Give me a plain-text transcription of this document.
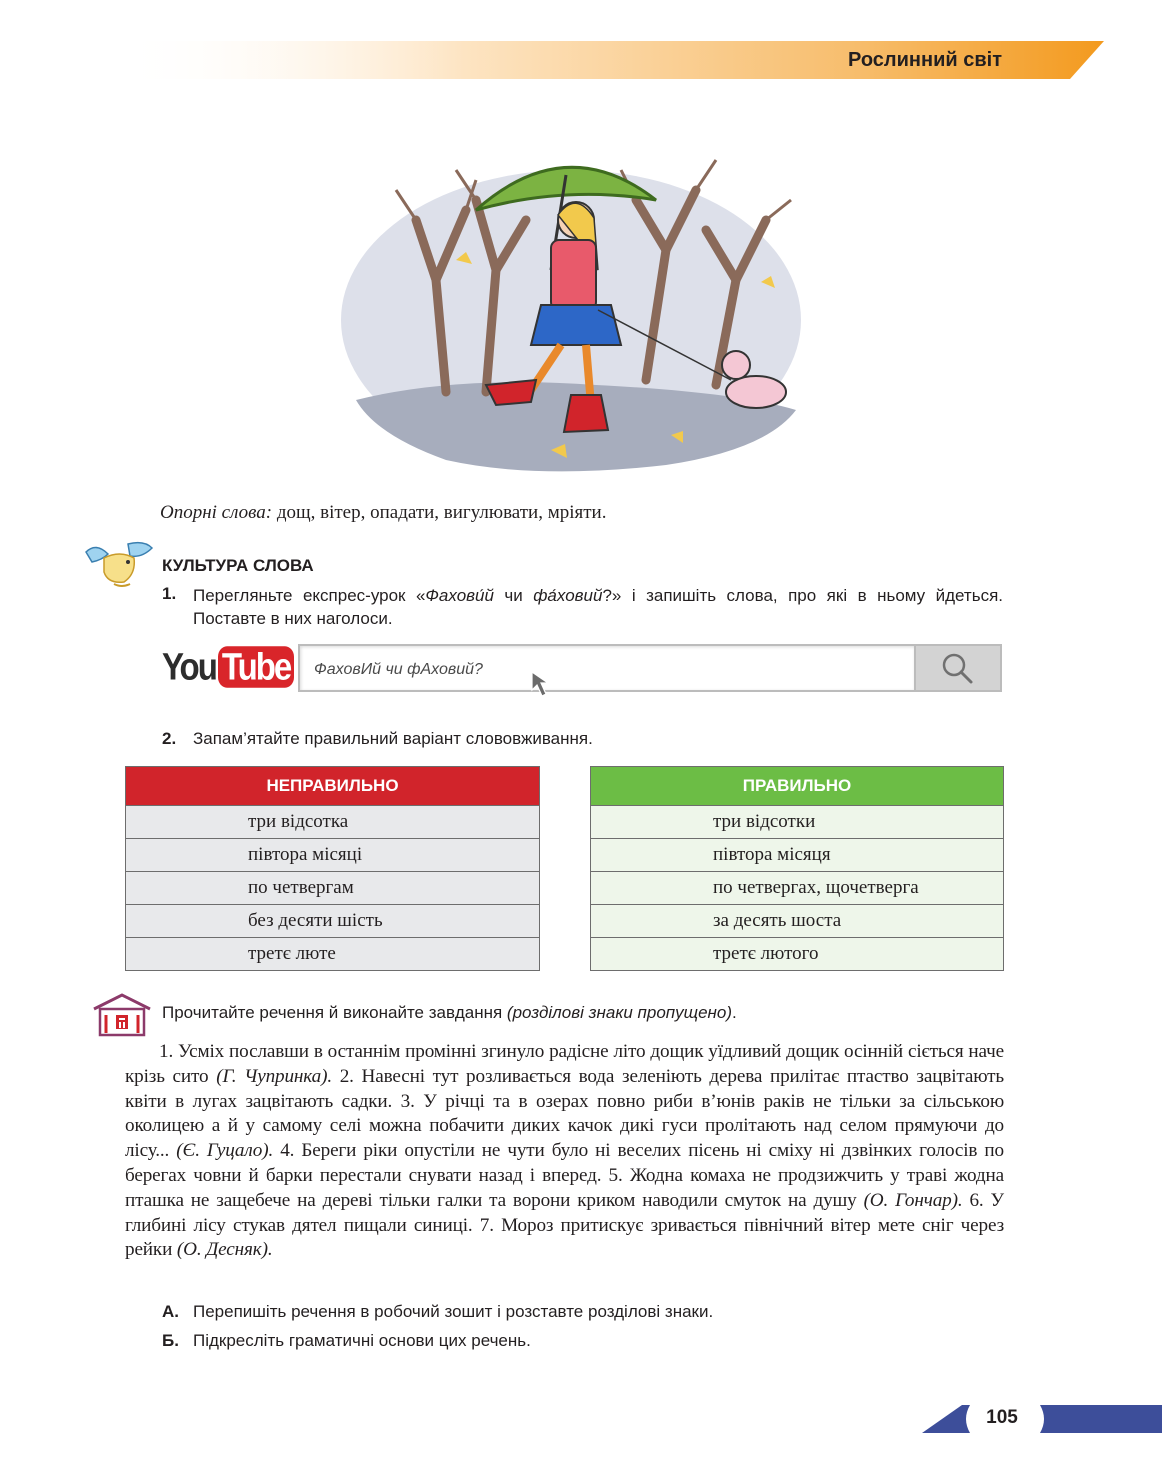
Рослинний світ
Опорні слова: дощ, вітер, опадати, вигулювати, мріяти.
КУЛЬТУРА СЛОВА
1. Перегляньте експрес-урок «Фахови́й чи фа́ховий?» і запишіть слова, про які в ньому йдеться. Поставте в них наголоси.
You Tube ФаховИй чи фАховий?
2. Запам’ятайте правильний варіант слововживання.
НЕПРАВИЛЬНО
три відсотка
півтора місяці
по четвергам
без десяти шість
третє люте
ПРАВИЛЬНО
три відсотки
півтора місяця
по четвергах, щочетверга
за десять шоста
третє лютого
Прочитайте речення й виконайте завдання (розділові знаки пропущено).
1. Усміх пославши в останнім промінні згинуло радісне літо дощик уїдливий дощик осінній сіється наче крізь сито (Г. Чупринка). 2. Навесні тут розливається вода зеленіють дерева прилітає птаство зацвітають квіти в лугах зацвітають садки. 3. У річці та в озерах повно риби в’юнів раків не тільки за сільською околицею а й у самому селі можна побачити диких качок дикі гуси пролітають над селом прямуючи до лісу... (Є. Гуцало). 4. Береги ріки опустіли не чути було ні веселих пісень ні сміху ні дзвінких голосів по берегах човни й барки перестали снувати назад і вперед. 5. Жодна комаха не продзижчить у траві жодна пташка не защебече на дереві тільки галки та ворони криком наводили смуток на душу (О. Гончар). 6. У глибині лісу стукав дятел пищали синиці. 7. Мороз притискує зривається північний вітер мете сніг через рейки (О. Десняк).
А. Перепишіть речення в робочий зошит і розставте розділові знаки.
Б. Підкресліть граматичні основи цих речень.
105
